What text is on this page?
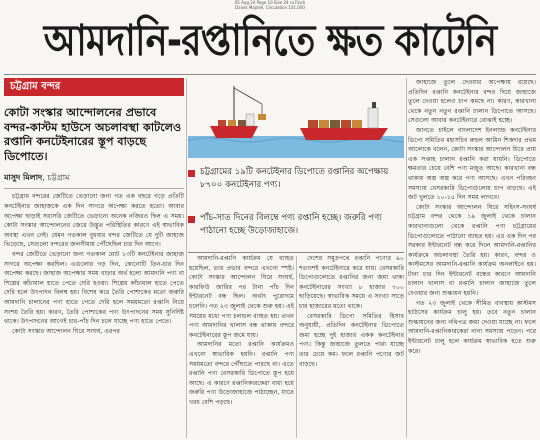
05 Aug 24 Page 10 Size 24 cx7inch
Dainik Majidel, Circulation 101,000
আমদানি-রপ্তানিতে ক্ষত কাটেনি
চট্টগ্রাম বন্দর
কোটা সংস্কার আন্দোলনের প্রভাবে বন্দর-কাস্টম হাউসে অচলাবস্থা কাটলেও রপ্তানি কনটেইনারের স্তূপ বাড়ছে ডিপোতে।
মাসুদ মিলাদ, চট্টগ্রাম

চট্টগ্রাম বন্দরের জেটিতে ভেড়ানো জন্য গত এক বছরে গড়ে প্রতিটি কনটেইনার জাহাজকে এক দিন সাগরে অপেক্ষা করতে হতো। আবার অপেক্ষা ছাড়াই সরাসরি জেটিতে ভেড়ানো অনেক নজিরও ছিল এ সময়। কোটা সংস্কার আন্দোলনের জেরে উদ্ভূত পরিস্থিতির কারণে এই স্বাভাবিক অবস্থা এখন নেই। যেমন গতকাল বুধবার বন্দর জেটিতে যে দুটি জাহাজ ভিড়েছে, সেগুলো বন্দরের জলসীমায় পৌঁছেছিল চার দিন আগে।

বন্দর জেটিতে ভেড়ানো জন্য গতকাল মোট ১৩টি কনটেইনার জাহাজ সাগরে অপেক্ষা করছিল। এগুলোর গড় দিন, কোনোটি তিন-চার দিন অপেক্ষা করছে। জাহাজ অপেক্ষার সময় বাড়ার অর্থ হলো আমদানি পণ্য বা শিল্পের কাঁচামাল হাতে পেতে দেরি হওয়া। শিল্পের কাঁচামাল হাতে পেতে দেরি হলে উৎপাদন বিলম্ব হয়। বিশেষ করে তৈরি পোশাকের মতো জরুরি আমদানি চালানের পণ্য হাতে পেতে দেরি হলে সময়মতো রপ্তানি নিয়ে সংশয় তৈরি হয়। কারণ, তৈরি পোশাকের পণ্য উৎপাদনের সময় সুনির্দিষ্ট থাকে। উৎপাদনের আগেই চার-পাঁচ দিন চলে যাচ্ছে পণ্য হাতে পেতে।

কোটা সংস্কার আন্দোলন ঘিরে সংঘর্ষ, এরপর

চট্টগ্রামের ১৯টি কনটেইনার ডিপোতে রপ্তানির অপেক্ষায় ৮৭০০ কনটেইনার পণ্য।
পাঁচ-সাত দিনের বিলম্বে পণ্য রপ্তানি হচ্ছে। জরুরি পণ্য পাঠানো হচ্ছে উড়োজাহাজে।

আমদানি-রপ্তানি কার্যক্রম যে ব্যাহত হয়েছিল, তার প্রভাব বন্দরে এখনো স্পষ্ট। কোটা সংস্কার আন্দোলন ঘিরে সংঘর্ষ, কারফিউ জারির পর টানা পাঁচ দিন ইন্টারনেট বন্ধ ছিল। অর্থাৎ পুরোদমে চলেনি। গত ২৩ জুলাই থেকে শুরু হয়। এই সময়ের মধ্যে পণ্য চলাচল ব্যাহত হয়। তখন পণ্য আমদানির খালাস বন্ধ থাকায় বন্দরে কনটেইনারের স্তূপ জমে যায়।

আমদানির মতো রপ্তানি কার্যক্রমও এখনো স্বাভাবিক হয়নি। রপ্তানি পণ্য সময়মতো বন্দরে পৌঁছাতে পারছে না। এতে রপ্তানি পণ্য বেসরকারি ডিপোতে স্তূপ হয়ে আছে। এ কারণে রপ্তানিকারকেরা বাধ্য হয়ে জরুরি পণ্য উড়োজাহাজে পাঠাচ্ছেন, যাতে খরচ বেশি পড়ছে।

দেশের সমুদ্রপথে রপ্তানি পণ্যের ৯০ শতাংশই কনটেইনারে করে যায়। বেসরকারি ডিপোগুলোতে রপ্তানির জন্য জমা থাকা কনটেইনারের সংখ্যা ৮ হাজার ৭০০ ছাড়িয়েছে। স্বাভাবিক সময়ে এ সংখ্যা সাড়ে চার হাজারের মতো থাকে।

বেসরকারি ডিপো সমিতির হিসাব অনুযায়ী, প্রতিদিন কনটেইনার ডিপোতে জমা হচ্ছে দুই হাজার একক কনটেইনার পণ্য। কিন্তু জাহাজে তুলতে পারা যাচ্ছে তার চেয়ে কম। ফলে রপ্তানি পণ্যের জট বাড়ছে।

জাহাজে তুলে দেওয়ার অপেক্ষায় রয়েছে। প্রতিদিন রপ্তানি কনটেইনার বন্দর দিয়ে জাহাজে তুলে দেওয়া হলেও চাপ কমছে না। কারণ, কারখানা থেকে নতুন নতুন রপ্তানি চালান ডিপোতে আসছে। সেগুলো আবার কনটেইনারে বোঝাই হচ্ছে।

জানতে চাইলে বাংলাদেশ ইনল্যান্ড কনটেইনার ডিপো সমিতির মহাসচিব রুহুল আমিন শিকদার প্রথম আলোকে বলেন, কোটা সংস্কার আন্দোলন ঘিরে প্রায় এক সপ্তাহ চালান রপ্তানি করা যায়নি। ডিপোতে ক্ষমতার চেয়ে বেশি পণ্য মজুত আছে। কারখানা বন্ধ থাকায় অল্প অল্প করে পণ্য আসছে। এখন পরিবহন সমস্যায় বেসরকারি ডিপোগুলোয় চাপ বাড়ছে। এই জট খুলতে ১০-১৫ দিন সময় লাগবে।

কোটা সংস্কার আন্দোলন ঘিরে সহিংস-সংঘর্ষ চট্টগ্রাম বন্দর থেকে ১৯ জুলাই থেকে চালান কারখানাগুলো থেকে রপ্তানি পণ্য চট্টগ্রামের ডিপোগুলোতে পাঠানো ব্যাহত হয়। এর এক দিন পর সরকার ইন্টারনেট বন্ধ করে দিলে আমদানি-রপ্তানির কার্যক্রমে অচলাবস্থা তৈরি হয়। কারণ, বন্দর ও কাস্টমসের আমদানি-রপ্তানি কার্যক্রম অনলাইনে হয়। টানা চার দিন ইন্টারনেট বন্ধের কারণে আমদানি চালান খালাস বা রপ্তানি চালান জাহাজে তুলে দেওয়ার জন্য শুল্কায়ন হয়নি।

গত ২৩ জুলাই থেকে সীমিত ব্যবস্থায় কাস্টমস হাউসের কার্যক্রম চালু হয়। তবে নতুন চালান শুল্কায়নের জন্য নথিপত্র জমা দেওয়া যাচ্ছে না। ফলে আমদানি-রপ্তানিকারকেরা নানা সমস্যায় পড়েন। পরে ইন্টারনেট চালু হলে কার্যক্রম স্বাভাবিক হতে শুরু করে।
